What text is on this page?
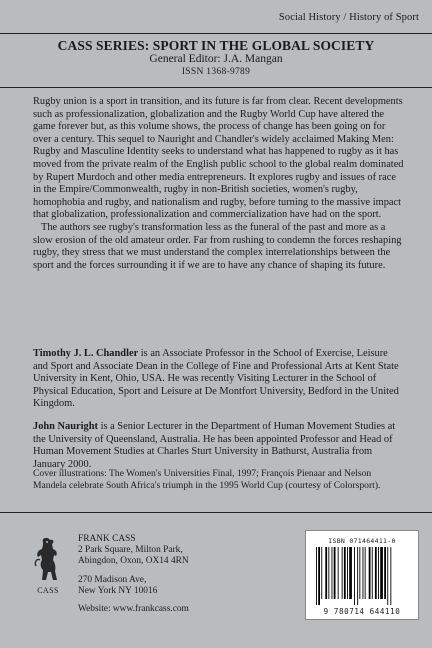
Social History / History of Sport
CASS SERIES: SPORT IN THE GLOBAL SOCIETY
General Editor: J.A. Mangan
ISSN 1368-9789

Rugby union is a sport in transition, and its future is far from clear. Recent developments such as professionalization, globalization and the Rugby World Cup have altered the game forever but, as this volume shows, the process of change has been going on for over a century. This sequel to Nauright and Chandler's widely acclaimed Making Men: Rugby and Masculine Identity seeks to understand what has happened to rugby as it has moved from the private realm of the English public school to the global realm dominated by Rupert Murdoch and other media entrepreneurs. It explores rugby and issues of race in the Empire/Commonwealth, rugby in non-British societies, women's rugby, homophobia and rugby, and nationalism and rugby, before turning to the massive impact that globalization, professionalization and commercialization have had on the sport.

The authors see rugby's transformation less as the funeral of the past and more as a slow erosion of the old amateur order. Far from rushing to condemn the forces reshaping rugby, they stress that we must understand the complex interrelationships between the sport and the forces surrounding it if we are to have any chance of shaping its future.

Timothy J. L. Chandler is an Associate Professor in the School of Exercise, Leisure and Sport and Associate Dean in the College of Fine and Professional Arts at Kent State University in Kent, Ohio, USA. He was recently Visiting Lecturer in the School of Physical Education, Sport and Leisure at De Montfort University, Bedford in the United Kingdom.

John Nauright is a Senior Lecturer in the Department of Human Movement Studies at the University of Queensland, Australia. He has been appointed Professor and Head of Human Movement Studies at Charles Sturt University in Bathurst, Australia from January 2000.

Cover illustrations: The Women's Universities Final, 1997; François Pienaar and Nelson Mandela celebrate South Africa's triumph in the 1995 World Cup (courtesy of Colorsport).
CASS
FRANK CASS
2 Park Square, Milton Park,
Abingdon, Oxon, OX14 4RN
270 Madison Ave,
New York NY 10016
Website: www.frankcass.com
ISBN 071464411-0
9 780714 644110
